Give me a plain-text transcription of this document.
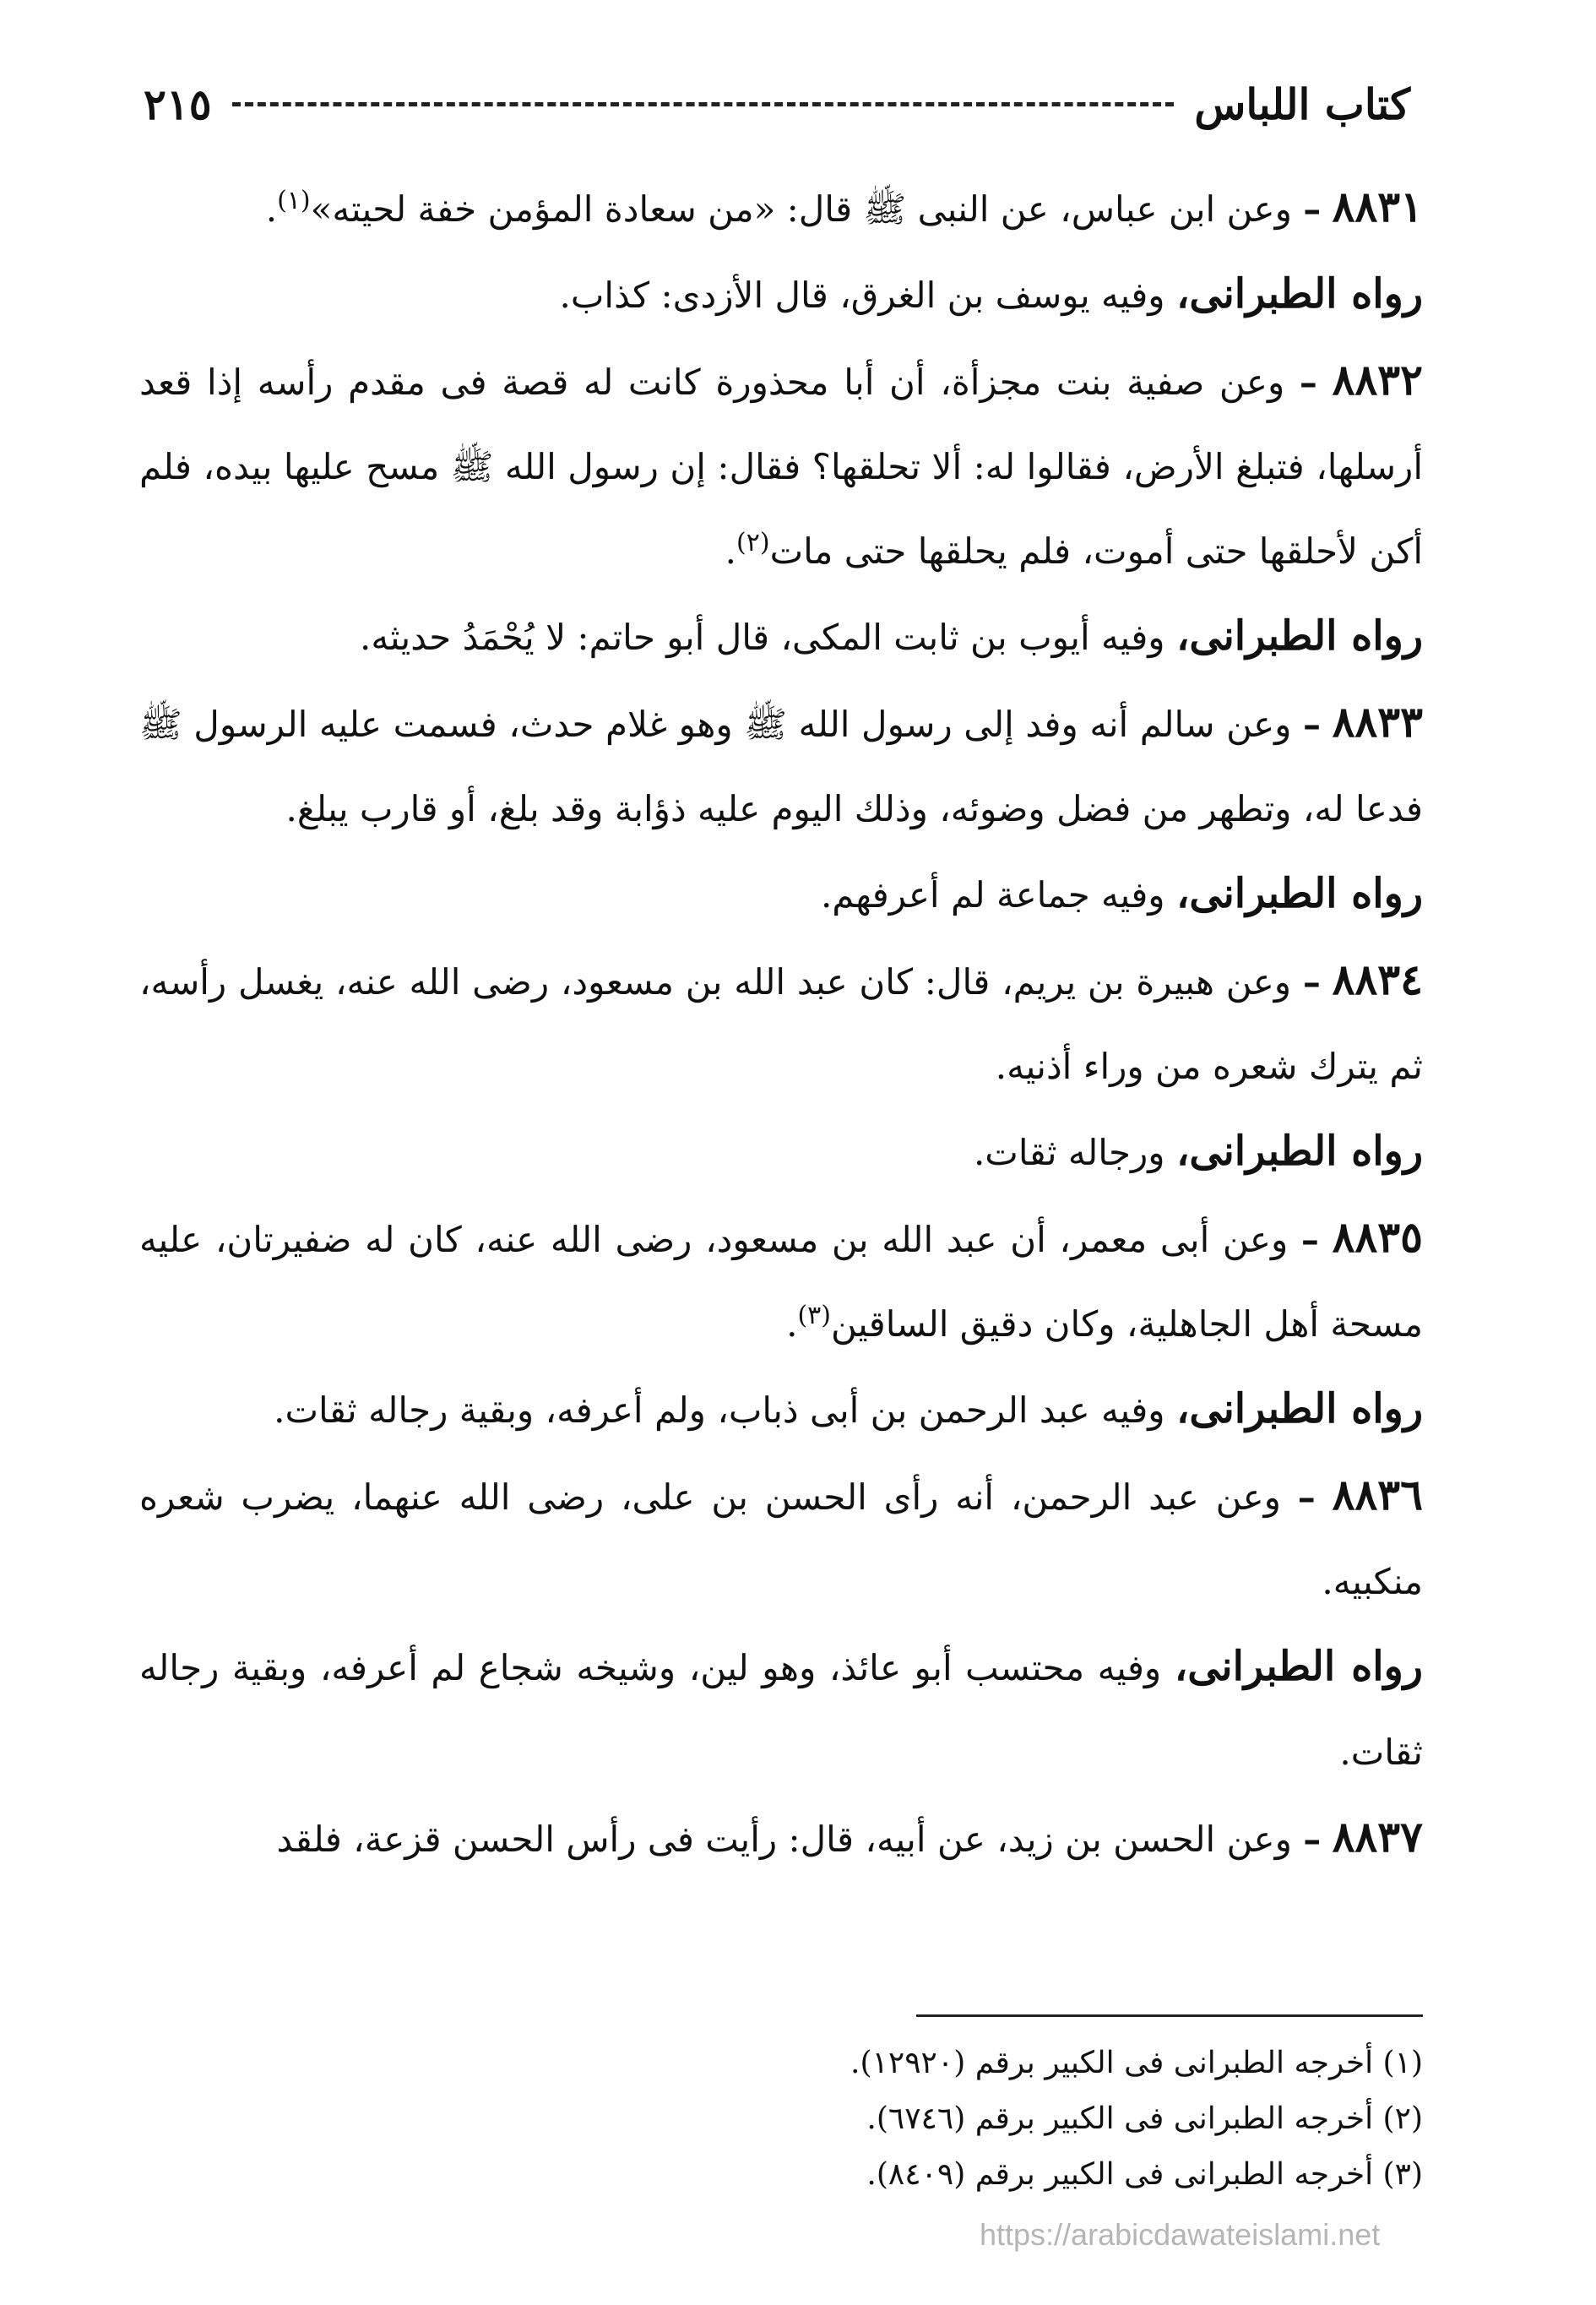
كتاب اللباس
٢١٥

٨٨٣١ – وعن ابن عباس، عن النبى ﷺ قال: «من سعادة المؤمن خفة لحيته»$^{(١)}$.

رواه الطبرانى، وفيه يوسف بن الغرق، قال الأزدى: كذاب.

٨٨٣٢ – وعن صفية بنت مجزأة، أن أبا محذورة كانت له قصة فى مقدم رأسه إذا قعد أرسلها، فتبلغ الأرض، فقالوا له: ألا تحلقها؟ فقال: إن رسول الله ﷺ مسح عليها بيده، فلم أكن لأحلقها حتى أموت، فلم يحلقها حتى مات$^{(٢)}$.

رواه الطبرانى، وفيه أيوب بن ثابت المكى، قال أبو حاتم: لا يُحْمَدُ حديثه.

٨٨٣٣ – وعن سالم أنه وفد إلى رسول الله ﷺ وهو غلام حدث، فسمت عليه الرسول ﷺ فدعا له، وتطهر من فضل وضوئه، وذلك اليوم عليه ذؤابة وقد بلغ، أو قارب يبلغ.

رواه الطبرانى، وفيه جماعة لم أعرفهم.

٨٨٣٤ – وعن هبيرة بن يريم، قال: كان عبد الله بن مسعود، رضى الله عنه، يغسل رأسه، ثم يترك شعره من وراء أذنيه.

رواه الطبرانى، ورجاله ثقات.

٨٨٣٥ – وعن أبى معمر، أن عبد الله بن مسعود، رضى الله عنه، كان له ضفيرتان، عليه مسحة أهل الجاهلية، وكان دقيق الساقين$^{(٣)}$.

رواه الطبرانى، وفيه عبد الرحمن بن أبى ذباب، ولم أعرفه، وبقية رجاله ثقات.

٨٨٣٦ – وعن عبد الرحمن، أنه رأى الحسن بن على، رضى الله عنهما، يضرب شعره منكبيه.

رواه الطبرانى، وفيه محتسب أبو عائذ، وهو لين، وشيخه شجاع لم أعرفه، وبقية رجاله ثقات.

٨٨٣٧ – وعن الحسن بن زيد، عن أبيه، قال: رأيت فى رأس الحسن قزعة، فلقد

(١) أخرجه الطبرانى فى الكبير برقم (١٢٩٢٠).

(٢) أخرجه الطبرانى فى الكبير برقم (٦٧٤٦).

(٣) أخرجه الطبرانى فى الكبير برقم (٨٤٠٩).

https://arabicdawateislami.net
